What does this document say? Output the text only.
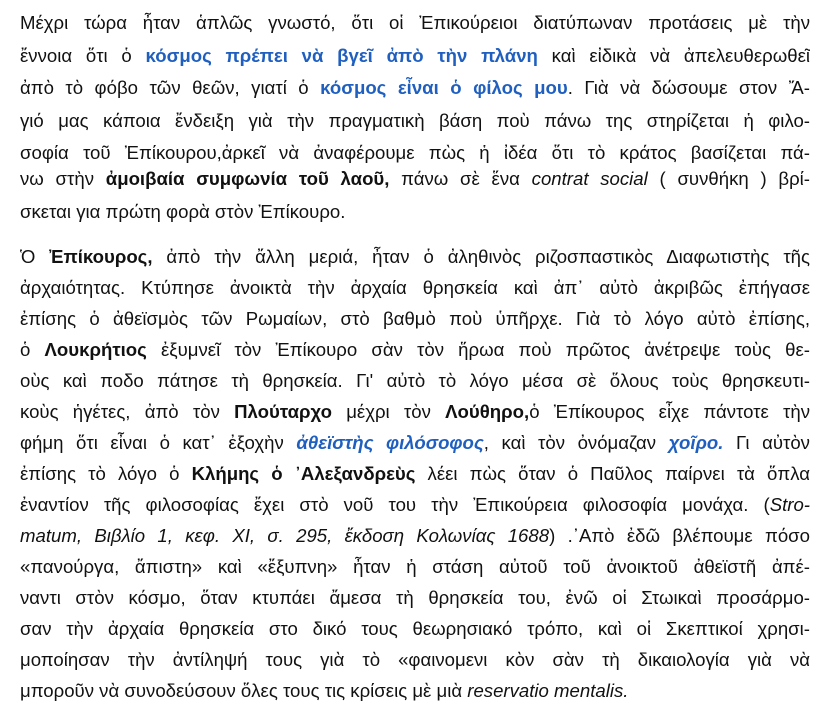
Μέχρι τώρα ἦταν ἁπλῶς γνωστό, ὅτι οἱ Ἐπικούρειοι διατύπωναν προτάσεις μὲ τὴν
ἔννοια ὅτι ὁ κόσμος πρέπει νὰ βγεῖ ἀπὸ τὴν πλάνη καὶ εἰδικὰ νὰ ἀπελευθερωθεῖ
ἀπὸ τὸ φόβο τῶν θεῶν, γιατί ὁ κόσμος εἶναι ὁ φίλος μου. Γιὰ νὰ δώσουμε στον Ἄ-
γιό μας κάποια ἔνδειξη γιὰ τὴν πραγματικὴ βάση ποὺ πάνω της στηρίζεται ἡ φιλο-
σοφία τοῦ Ἐπίκουρου,ἀρκεῖ νὰ ἀναφέρουμε πὼς ἡ ἰδέα ὅτι τὸ κράτος βασίζεται πά-
νω στὴν ἀμοιβαία συμφωνία τοῦ λαοῦ, πάνω σὲ ἕνα contrat social ( συνθήκη ) βρί-
σκεται για πρώτη φορὰ στὸν Ἐπίκουρο.
Ὁ Ἐπίκουρος, ἀπὸ τὴν ἄλλη μεριά, ἦταν ὁ ἀληθινὸς ριζοσπαστικὸς Διαφωτιστὴς τῆς
ἀρχαιότητας. Κτύπησε ἀνοικτὰ τὴν ἀρχαία θρησκεία καὶ ἀπ᾽ αὐτὸ ἀκριβῶς ἐπήγασε
ἐπίσης ὁ ἀθεϊσμὸς τῶν Ρωμαίων, στὸ βαθμὸ ποὺ ὑπῆρχε. Γιὰ τὸ λόγο αὐτὸ ἐπίσης,
ὁ Λουκρήτιος ἐξυμνεῖ τὸν Ἐπίκουρο σὰν τὸν ἥρωα ποὺ πρῶτος ἀνέτρεψε τοὺς θε-
οὺς καὶ ποδο πάτησε τὴ θρησκεία. Γι' αὐτὸ τὸ λόγο μέσα σὲ ὅλους τοὺς θρησκευτι-
κοὺς ἡγέτες, ἀπὸ τὸν Πλούταρχο μέχρι τὸν Λούθηρο,ὁ Ἐπίκουρος εἶχε πάντοτε τὴν
φήμη ὅτι εἶναι ὁ κατ᾽ ἐξοχὴν ἀθεϊστὴς φιλόσοφος, καὶ τὸν ὀνόμαζαν χοῖρο. Γι αὐτὸν
ἐπίσης τὸ λόγο ὁ Κλήμης ὁ ᾽Αλεξανδρεὺς λέει πὼς ὅταν ὁ Παῦλος παίρνει τὰ ὅπλα
ἐναντίον τῆς φιλοσοφίας ἔχει στὸ νοῦ του τὴν Ἐπικούρεια φιλοσοφία μονάχα. (Stro-
matum, Βιβλίο 1, κεφ. XI, σ. 295, ἔκδοση Κολωνίας 1688) .᾽Απὸ ἐδῶ βλέπουμε πόσο
«πανούργα, ἄπιστη» καὶ «ἔξυπνη» ἦταν ἡ στάση αὐτοῦ τοῦ ἀνοικτοῦ ἀθεϊστῆ ἀπέ-
ναντι στὸν κόσμο, ὅταν κτυπάει ἄμεσα τὴ θρησκεία του, ἐνῶ οἱ Στωικαὶ προσάρμο-
σαν τὴν ἀρχαία θρησκεία στο δικό τους θεωρησιακό τρόπο, καὶ οἱ Σκεπτικοί χρησι-
μοποίησαν τὴν ἀντίληψή τους γιὰ τὸ «φαινομενι κὸν σὰν τὴ δικαιολογία γιὰ νὰ
μποροῦν νὰ συνοδεύσουν ὅλες τους τις κρίσεις μὲ μιὰ reservatio mentalis.
